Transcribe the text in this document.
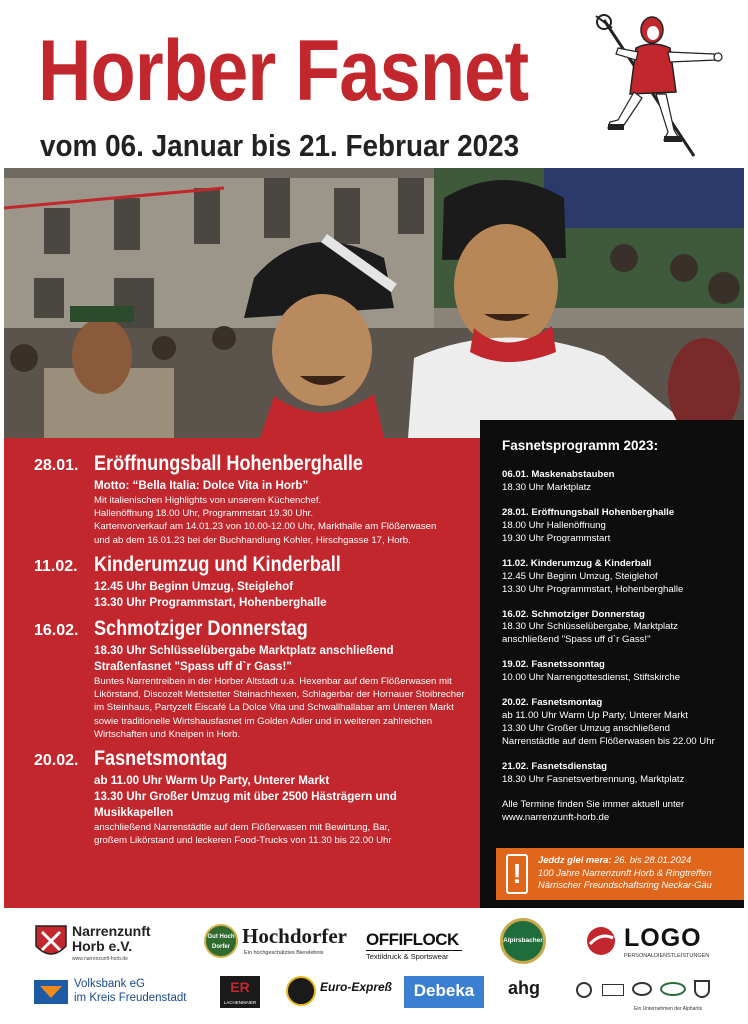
Horber Fasnet
vom 06. Januar bis 21. Februar 2023
28.01. Eröffnungsball Hohenberghalle
Motto: “Bella Italia: Dolce Vita in Horb”
Mit italienischen Highlights von unserem Küchenchef.
Hallenöffnung 18.00 Uhr, Programmstart 19.30 Uhr.
Kartenvorverkauf am 14.01.23 von 10.00-12.00 Uhr, Markthalle am Flößerwasen
und ab dem 16.01.23 bei der Buchhandlung Kohler, Hirschgasse 17, Horb.
11.02. Kinderumzug und Kinderball
12.45 Uhr Beginn Umzug, Steiglehof
13.30 Uhr Programmstart, Hohenberghalle
16.02. Schmotziger Donnerstag
18.30 Uhr Schlüsselübergabe Marktplatz anschließend
Straßenfasnet "Spass uff d`r Gass!"
Buntes Narrentreiben in der Horber Altstadt u.a. Hexenbar auf dem Flößerwasen mit
Likörstand, Discozelt Mettstetter Steinachhexen, Schlagerbar der Hornauer Stoibrecher
im Steinhaus, Partyzelt Eiscafé La Dolce Vita und Schwallhallabar am Unteren Markt
sowie traditionelle Wirtshausfasnet im Golden Adler und in weiteren zahlreichen
Wirtschaften und Kneipen in Horb.
20.02. Fasnetsmontag
ab 11.00 Uhr Warm Up Party, Unterer Markt
13.30 Uhr Großer Umzug mit über 2500 Hästrägern und Musikkapellen
anschließend Narrenstädtle auf dem Flößerwasen mit Bewirtung, Bar,
großem Likörstand und leckeren Food-Trucks von 11.30 bis 22.00 Uhr
Fasnetsprogramm 2023:
06.01. Maskenabstauben
18.30 Uhr Marktplatz
28.01. Eröffnungsball Hohenberghalle
18.00 Uhr Hallenöffnung
19.30 Uhr Programmstart
11.02. Kinderumzug & Kinderball
12.45 Uhr Beginn Umzug, Steiglehof
13.30 Uhr Programmstart, Hohenberghalle
16.02. Schmotziger Donnerstag
18.30 Uhr Schlüsselübergabe, Marktplatz
anschließend "Spass uff d`r Gass!"
19.02. Fasnetssonntag
10.00 Uhr Narrengottesdienst, Stiftskirche
20.02. Fasnetsmontag
ab 11.00 Uhr Warm Up Party, Unterer Markt
13.30 Uhr Großer Umzug anschließend
Narrenstädtle auf dem Flößerwasen bis 22.00 Uhr
21.02. Fasnetsdienstag
18.30 Uhr Fasnetsverbrennung, Marktplatz
Alle Termine finden Sie immer aktuell unter
www.narrenzunft-horb.de
!	Jeddz glei mera: 26. bis 28.01.2024
100 Jahre Narrenzunft Horb & Ringtreffen
Närrischer Freundschaftsring Neckar-Gäu
Narrenzunft Horb e.V.
www.narrenzunft-horb.de
Gut Hoch Dorfer Hochdorfer
Ein hochgeschätztes Bierelebnis
OFFIFLOCK
Textildruck & Sportswear
Alpirsbacher	LOGO
PERSONALDIENSTLEISTUNGEN
Volksbank eG
im Kreis Freudenstadt
ER
LACHENMAIER
Euro-Expreß	Debeka	ahg
Ein Unternehmen der Alphartis
